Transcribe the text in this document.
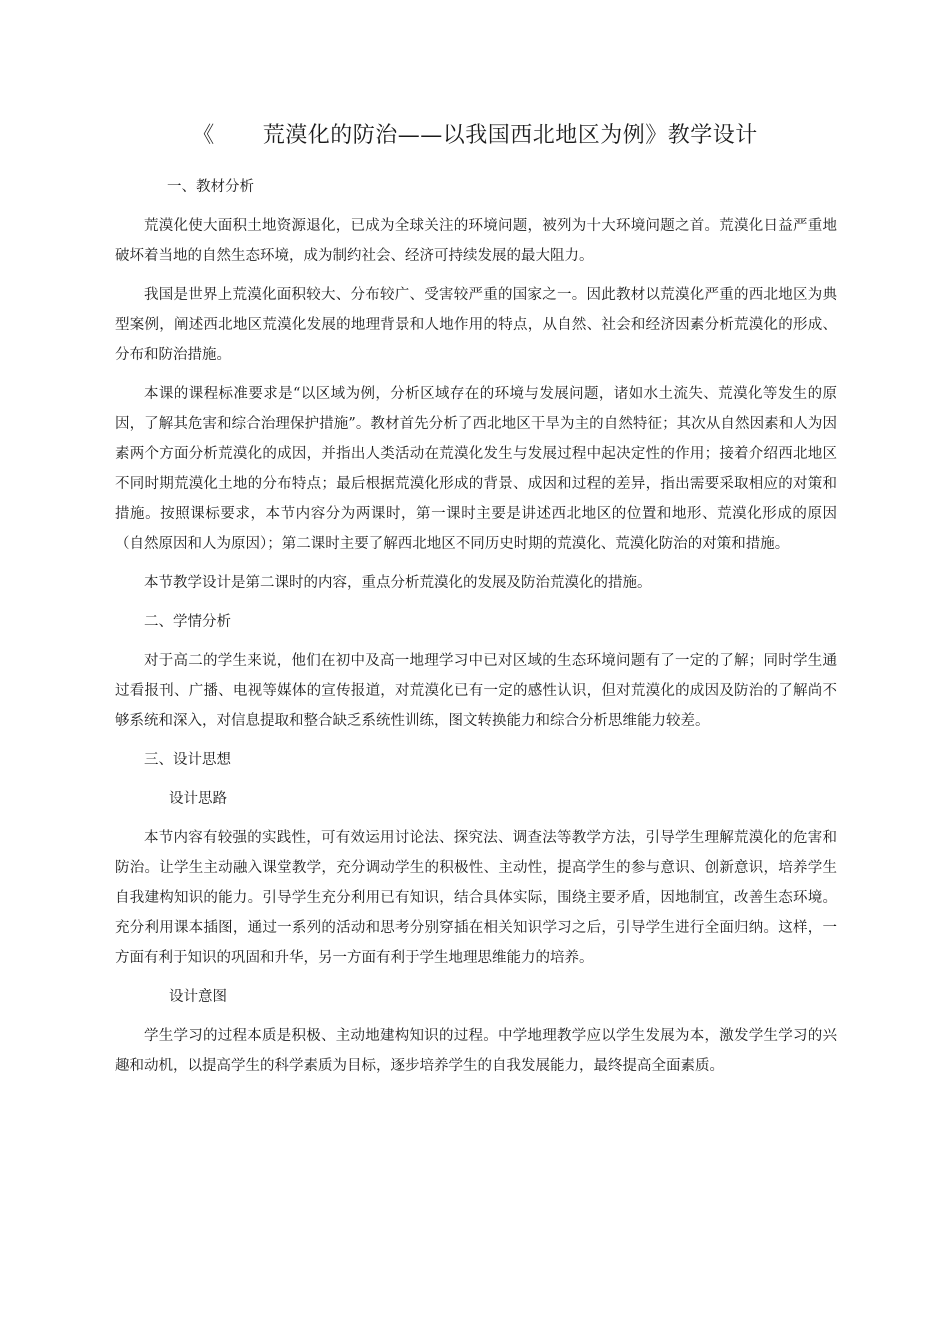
《 荒漠化的防治——以我国西北地区为例》教学设计

一、教材分析

荒漠化使大面积土地资源退化，已成为全球关注的环境问题，被列为十大环境问题之首。荒漠化日益严重地破坏着当地的自然生态环境，成为制约社会、经济可持续发展的最大阻力。

我国是世界上荒漠化面积较大、分布较广、受害较严重的国家之一。因此教材以荒漠化严重的西北地区为典型案例，阐述西北地区荒漠化发展的地理背景和人地作用的特点，从自然、社会和经济因素分析荒漠化的形成、分布和防治措施。

本课的课程标准要求是“以区域为例，分析区域存在的环境与发展问题，诸如水土流失、荒漠化等发生的原因，了解其危害和综合治理保护措施”。教材首先分析了西北地区干旱为主的自然特征；其次从自然因素和人为因素两个方面分析荒漠化的成因，并指出人类活动在荒漠化发生与发展过程中起决定性的作用；接着介绍西北地区不同时期荒漠化土地的分布特点；最后根据荒漠化形成的背景、成因和过程的差异，指出需要采取相应的对策和措施。按照课标要求，本节内容分为两课时，第一课时主要是讲述西北地区的位置和地形、荒漠化形成的原因（自然原因和人为原因）；第二课时主要了解西北地区不同历史时期的荒漠化、荒漠化防治的对策和措施。

本节教学设计是第二课时的内容，重点分析荒漠化的发展及防治荒漠化的措施。

二、学情分析

对于高二的学生来说，他们在初中及高一地理学习中已对区域的生态环境问题有了一定的了解；同时学生通过看报刊、广播、电视等媒体的宣传报道，对荒漠化已有一定的感性认识，但对荒漠化的成因及防治的了解尚不够系统和深入，对信息提取和整合缺乏系统性训练，图文转换能力和综合分析思维能力较差。

三、设计思想

设计思路

本节内容有较强的实践性，可有效运用讨论法、探究法、调查法等教学方法，引导学生理解荒漠化的危害和防治。让学生主动融入课堂教学，充分调动学生的积极性、主动性，提高学生的参与意识、创新意识，培养学生自我建构知识的能力。引导学生充分利用已有知识，结合具体实际，围绕主要矛盾，因地制宜，改善生态环境。充分利用课本插图，通过一系列的活动和思考分别穿插在相关知识学习之后，引导学生进行全面归纳。这样，一方面有利于知识的巩固和升华，另一方面有利于学生地理思维能力的培养。

设计意图

学生学习的过程本质是积极、主动地建构知识的过程。中学地理教学应以学生发展为本，激发学生学习的兴趣和动机，以提高学生的科学素质为目标，逐步培养学生的自我发展能力，最终提高全面素质。
